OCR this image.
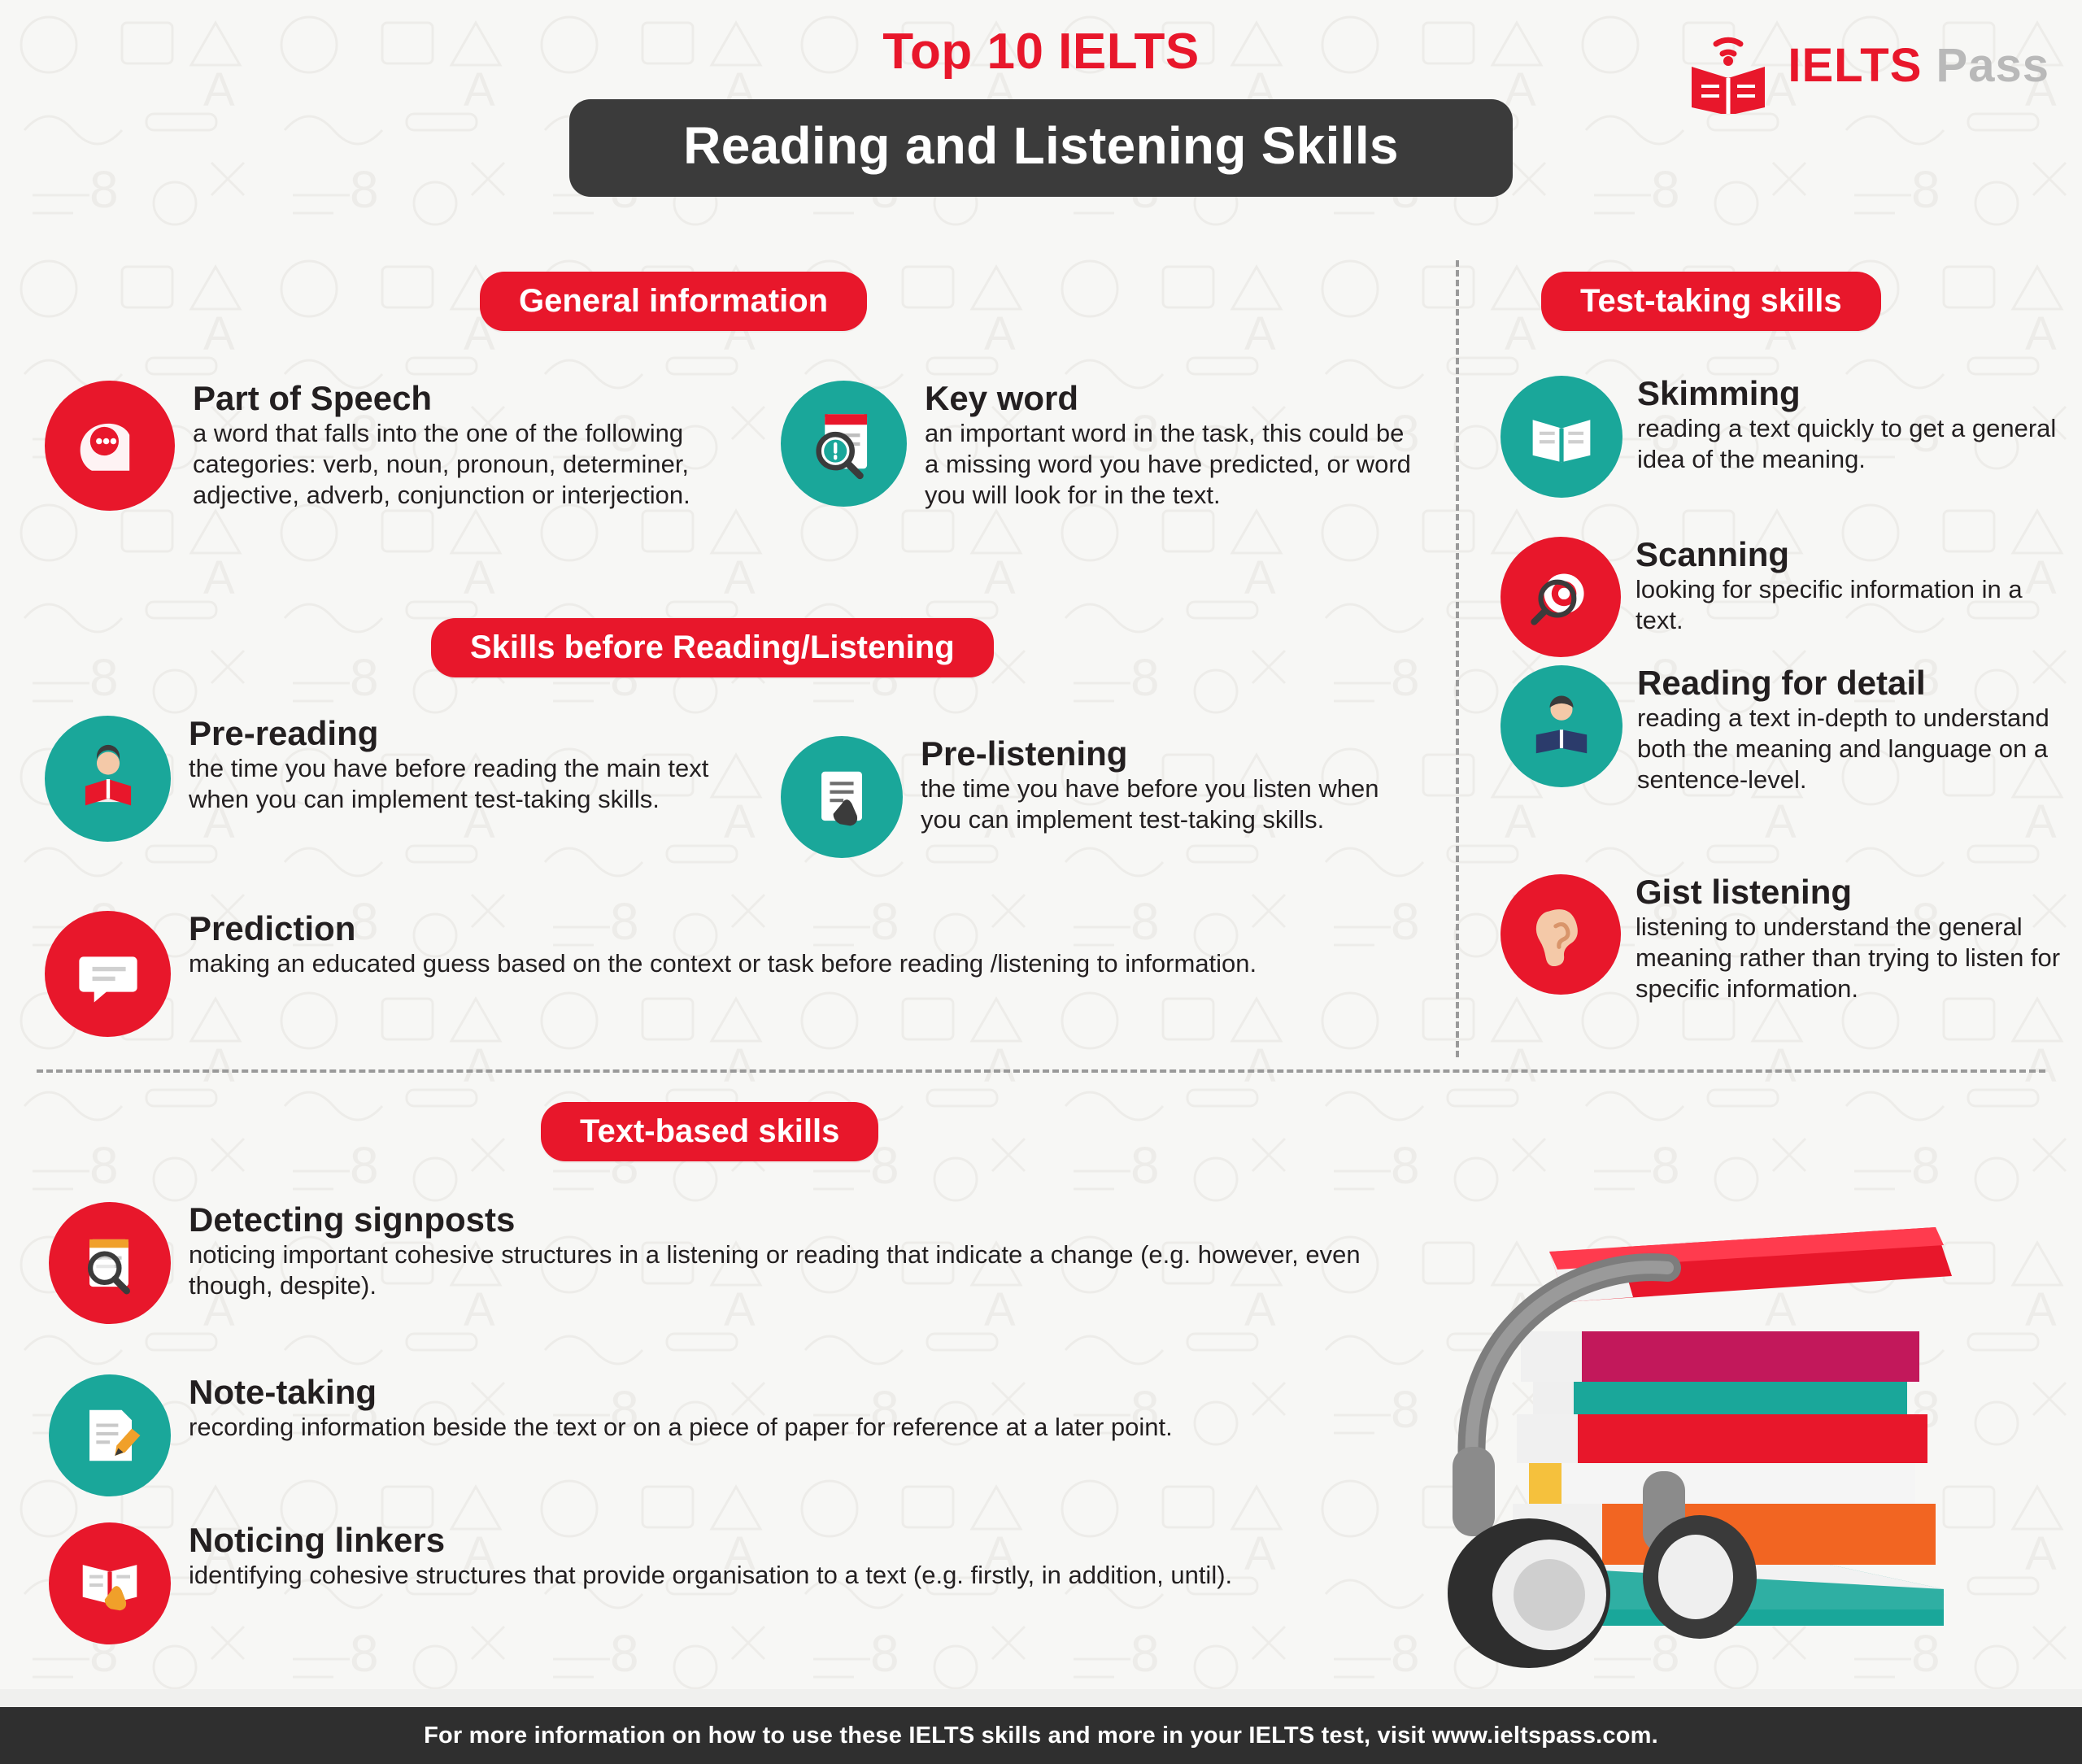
Top 10 IELTS
Reading and Listening Skills
IELTS Pass
General information
Part of Speech

a word that falls into the one of the following categories: verb, noun, pronoun, determiner, adjective, adverb, conjunction or interjection.

Key word

an important word in the task, this could be a missing word you have predicted, or word you will look for in the text.

Skills before Reading/Listening
Pre-reading

the time you have before reading the main text when you can implement test-taking skills.

Pre-listening

the time you have before you listen when you can implement test-taking skills.

Prediction

making an educated guess based on the context or task before reading /listening to information.

Test-taking skills
Skimming

reading a text quickly to get a general idea of the meaning.

Scanning

looking for specific information in a text.

Reading for detail

reading a text in-depth to understand both the meaning and language on a sentence-level.

Gist listening

listening to understand the general meaning rather than trying to listen for specific information.

Text-based skills
Detecting signposts

noticing important cohesive structures in a listening or reading that indicate a change (e.g. however, even though, despite).

Note-taking

recording information beside the text or on a piece of paper for reference at a later point.

Noticing linkers

identifying cohesive structures that provide organisation to a text (e.g. firstly, in addition, until).

For more information on how to use these IELTS skills and more in your IELTS test, visit www.ieltspass.com.
